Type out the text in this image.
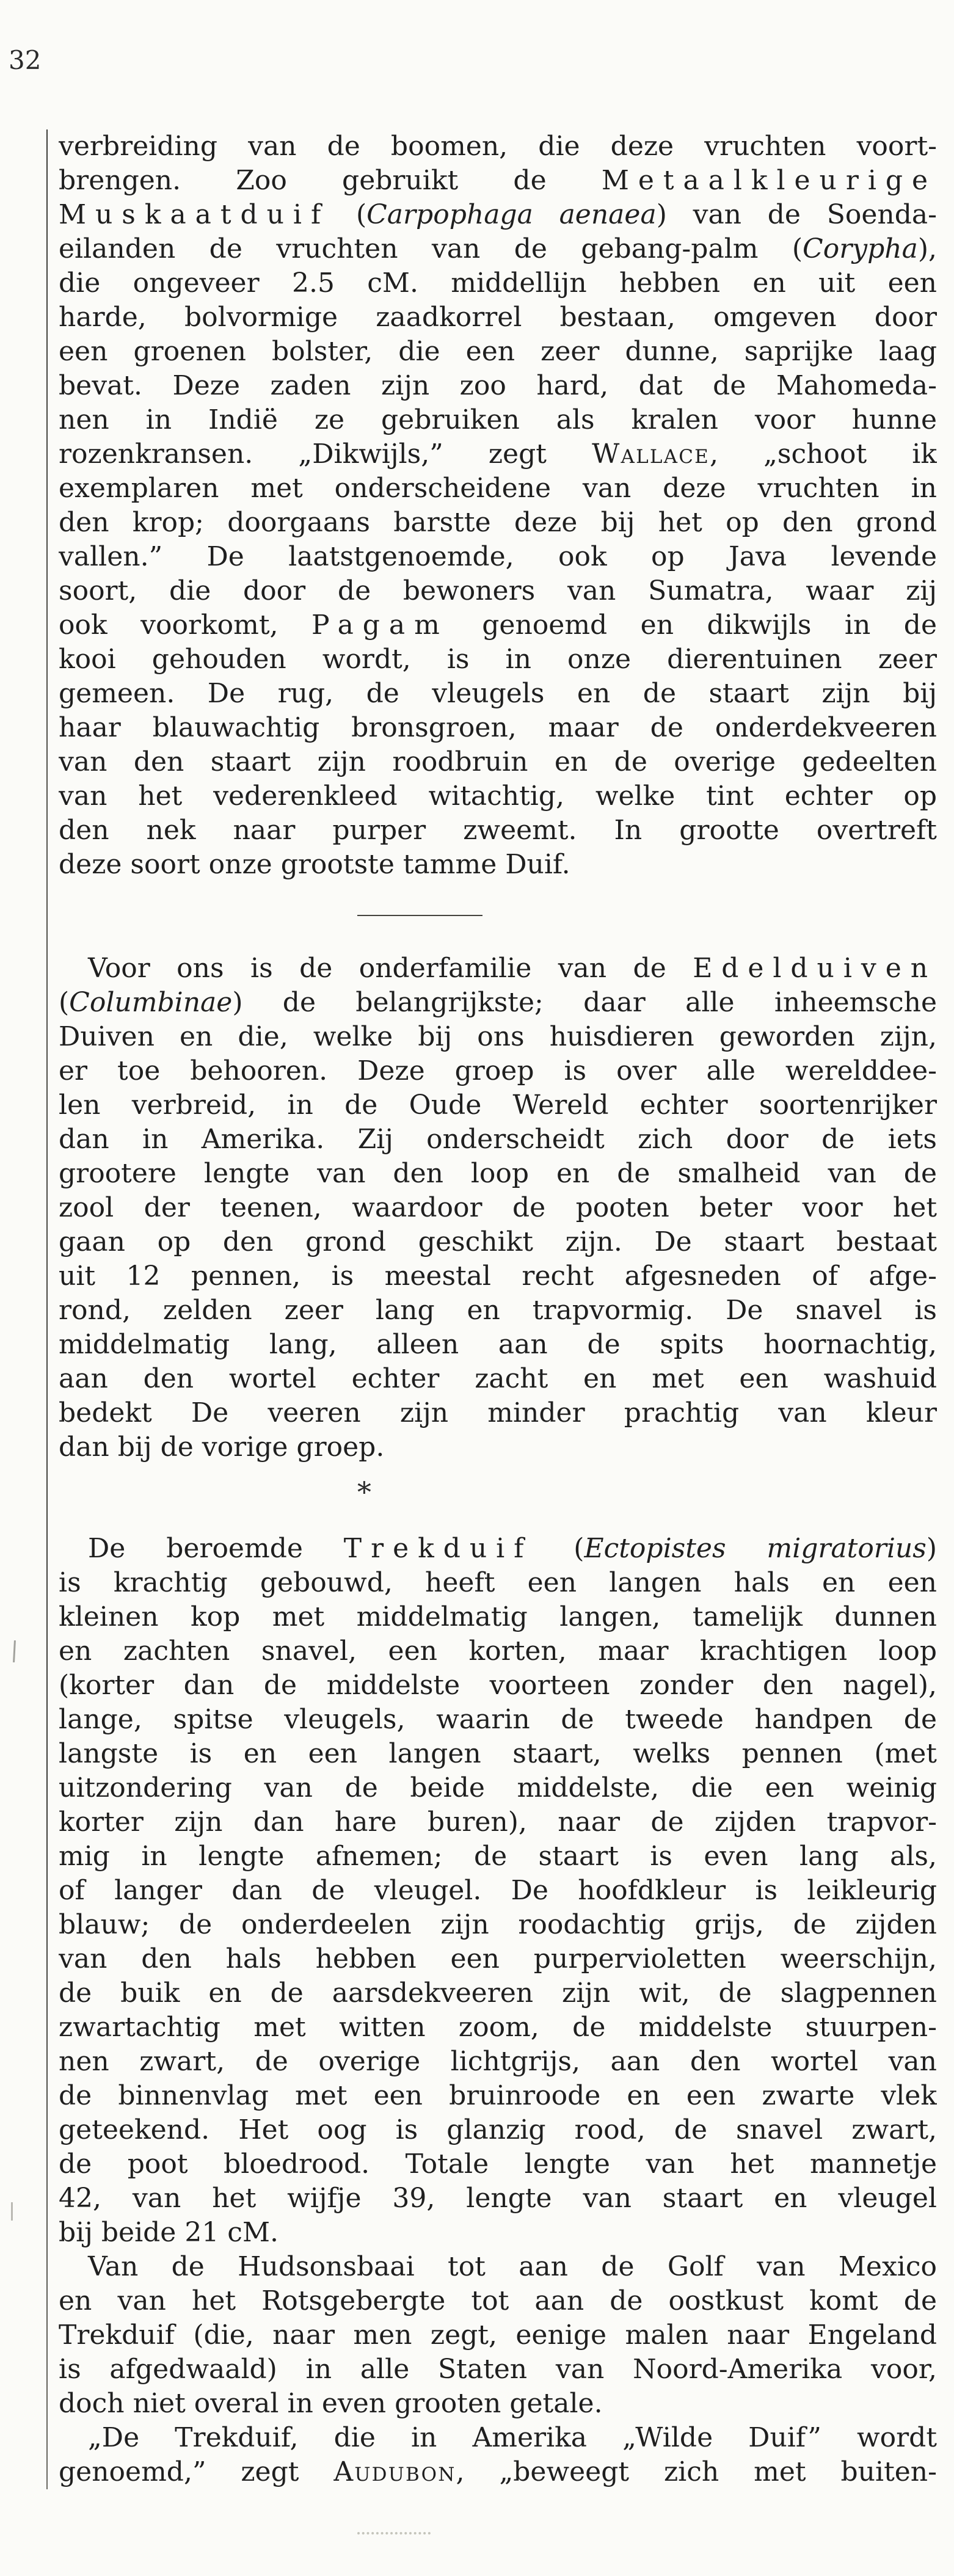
32
verbreiding van de boomen, die deze vruchten voort-
brengen. Zoo gebruikt de Metaalkleurige
Muskaatduif (Carpophaga aenaea) van de Soenda-
eilanden de vruchten van de gebang-palm (Corypha),
die ongeveer 2.5 cM. middellijn hebben en uit een
harde, bolvormige zaadkorrel bestaan, omgeven door
een groenen bolster, die een zeer dunne, saprijke laag
bevat. Deze zaden zijn zoo hard, dat de Mahomeda-
nen in Indië ze gebruiken als kralen voor hunne
rozenkransen. „Dikwijls,” zegt Wallace, „schoot ik
exemplaren met onderscheidene van deze vruchten in
den krop; doorgaans barstte deze bij het op den grond
vallen.” De laatstgenoemde, ook op Java levende
soort, die door de bewoners van Sumatra, waar zij
ook voorkomt, Pagam genoemd en dikwijls in de
kooi gehouden wordt, is in onze dierentuinen zeer
gemeen. De rug, de vleugels en de staart zijn bij
haar blauwachtig bronsgroen, maar de onderdekveeren
van den staart zijn roodbruin en de overige gedeelten
van het vederenkleed witachtig, welke tint echter op
den nek naar purper zweemt. In grootte overtreft
deze soort onze grootste tamme Duif.
Voor ons is de onderfamilie van de Edelduiven
(Columbinae) de belangrijkste; daar alle inheemsche
Duiven en die, welke bij ons huisdieren geworden zijn,
er toe behooren. Deze groep is over alle werelddee-
len verbreid, in de Oude Wereld echter soortenrijker
dan in Amerika. Zij onderscheidt zich door de iets
grootere lengte van den loop en de smalheid van de
zool der teenen, waardoor de pooten beter voor het
gaan op den grond geschikt zijn. De staart bestaat
uit 12 pennen, is meestal recht afgesneden of afge-
rond, zelden zeer lang en trapvormig. De snavel is
middelmatig lang, alleen aan de spits hoornachtig,
aan den wortel echter zacht en met een washuid
bedekt De veeren zijn minder prachtig van kleur
dan bij de vorige groep.
*
De beroemde Trekduif (Ectopistes migratorius)
is krachtig gebouwd, heeft een langen hals en een
kleinen kop met middelmatig langen, tamelijk dunnen
en zachten snavel, een korten, maar krachtigen loop
(korter dan de middelste voorteen zonder den nagel),
lange, spitse vleugels, waarin de tweede handpen de
langste is en een langen staart, welks pennen (met
uitzondering van de beide middelste, die een weinig
korter zijn dan hare buren), naar de zijden trapvor-
mig in lengte afnemen; de staart is even lang als,
of langer dan de vleugel. De hoofdkleur is leikleurig
blauw; de onderdeelen zijn roodachtig grijs, de zijden
van den hals hebben een purpervioletten weerschijn,
de buik en de aarsdekveeren zijn wit, de slagpennen
zwartachtig met witten zoom, de middelste stuurpen-
nen zwart, de overige lichtgrijs, aan den wortel van
de binnenvlag met een bruinroode en een zwarte vlek
geteekend. Het oog is glanzig rood, de snavel zwart,
de poot bloedrood. Totale lengte van het mannetje
42, van het wijfje 39, lengte van staart en vleugel
bij beide 21 cM.
Van de Hudsonsbaai tot aan de Golf van Mexico
en van het Rotsgebergte tot aan de oostkust komt de
Trekduif (die, naar men zegt, eenige malen naar Engeland
is afgedwaald) in alle Staten van Noord-Amerika voor,
doch niet overal in even grooten getale.
„De Trekduif, die in Amerika „Wilde Duif” wordt
genoemd,” zegt Audubon, „beweegt zich met buiten-
